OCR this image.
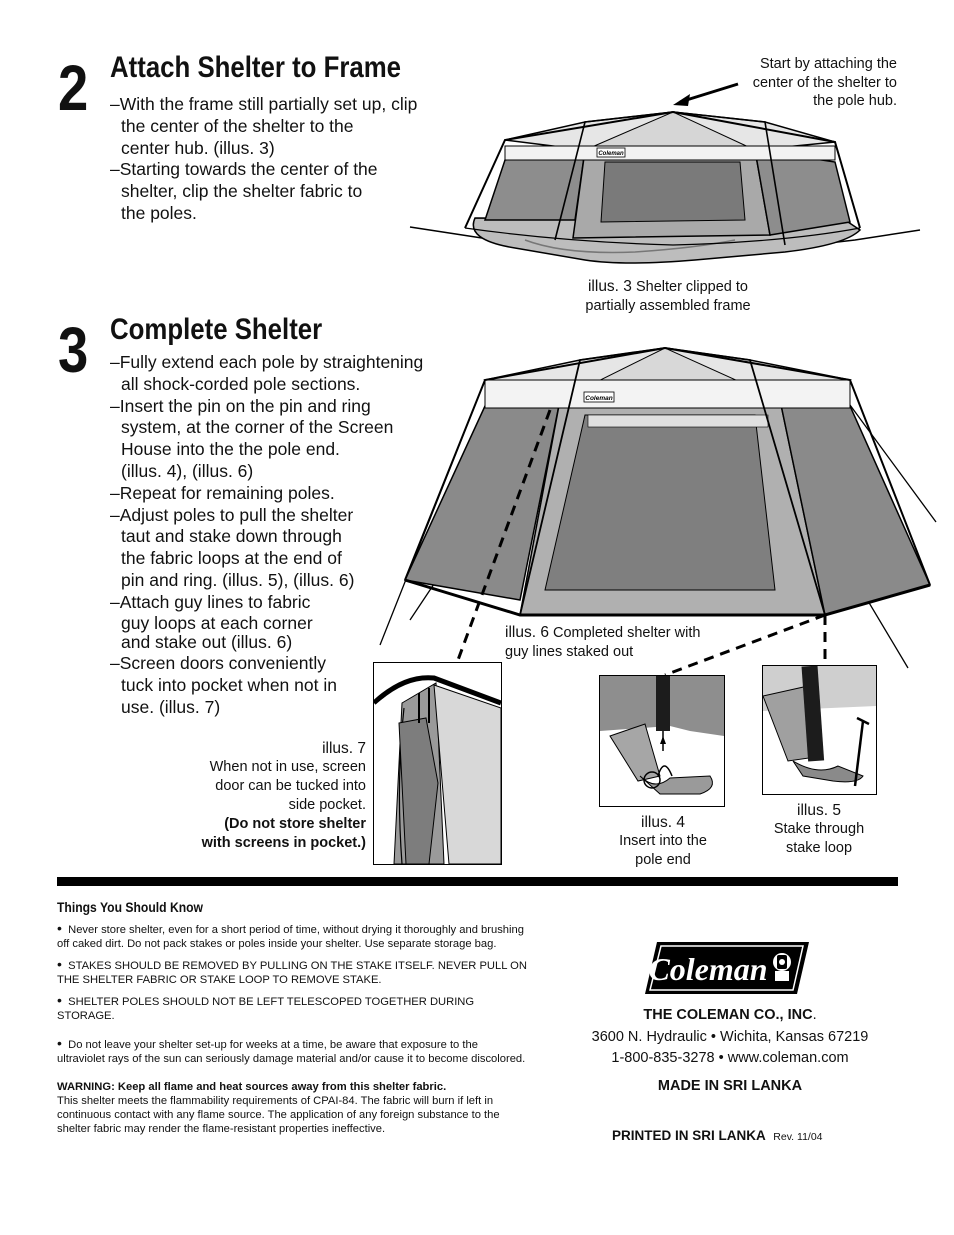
2 Attach Shelter to Frame
–With the frame still partially set up, clip
the center of the shelter to the
center hub. (illus. 3)
–Starting towards the center of the
shelter, clip the shelter fabric to
the poles.
Start by attaching the
center of the shelter to
the pole hub.
Coleman
illus. 3 Shelter clipped to
partially assembled frame
3 Complete Shelter
–Fully extend each pole by straightening
all shock-corded pole sections.
–Insert the pin on the pin and ring
system, at the corner of the Screen
House into the the pole end.
(illus. 4), (illus. 6)
–Repeat for remaining poles.
–Adjust poles to pull the shelter
taut and stake down through
the fabric loops at the end of
pin and ring. (illus. 5), (illus. 6)
–Attach guy lines to fabric
guy loops at each corner
and stake out (illus. 6)
–Screen doors conveniently
tuck into pocket when not in
use. (illus. 7)
Coleman
illus. 6 Completed shelter with
guy lines staked out
illus. 7
When not in use, screen
door can be tucked into
side pocket.
(Do not store shelter
with screens in pocket.)
illus. 4
Insert into the
pole end
illus. 5
Stake through
stake loop
Things You Should Know

• Never store shelter, even for a short period of time, without drying it thoroughly and brushing off caked dirt. Do not pack stakes or poles inside your shelter. Use separate storage bag.

• STAKES SHOULD BE REMOVED BY PULLING ON THE STAKE ITSELF. NEVER PULL ON THE SHELTER FABRIC OR STAKE LOOP TO REMOVE STAKE.

• SHELTER POLES SHOULD NOT BE LEFT TELESCOPED TOGETHER DURING STORAGE.

• Do not leave your shelter set-up for weeks at a time, be aware that exposure to the ultraviolet rays of the sun can seriously damage material and/or cause it to become discolored.

WARNING: Keep all flame and heat sources away from this shelter fabric.
This shelter meets the flammability requirements of CPAI-84. The fabric will burn if left in continuous contact with any flame source. The application of any foreign substance to the shelter fabric may render the flame-resistant properties ineffective.

Coleman
THE COLEMAN CO., INC.
3600 N. Hydraulic • Wichita, Kansas 67219
1-800-835-3278 • www.coleman.com
MADE IN SRI LANKA
PRINTED IN SRI LANKA Rev. 11/04
